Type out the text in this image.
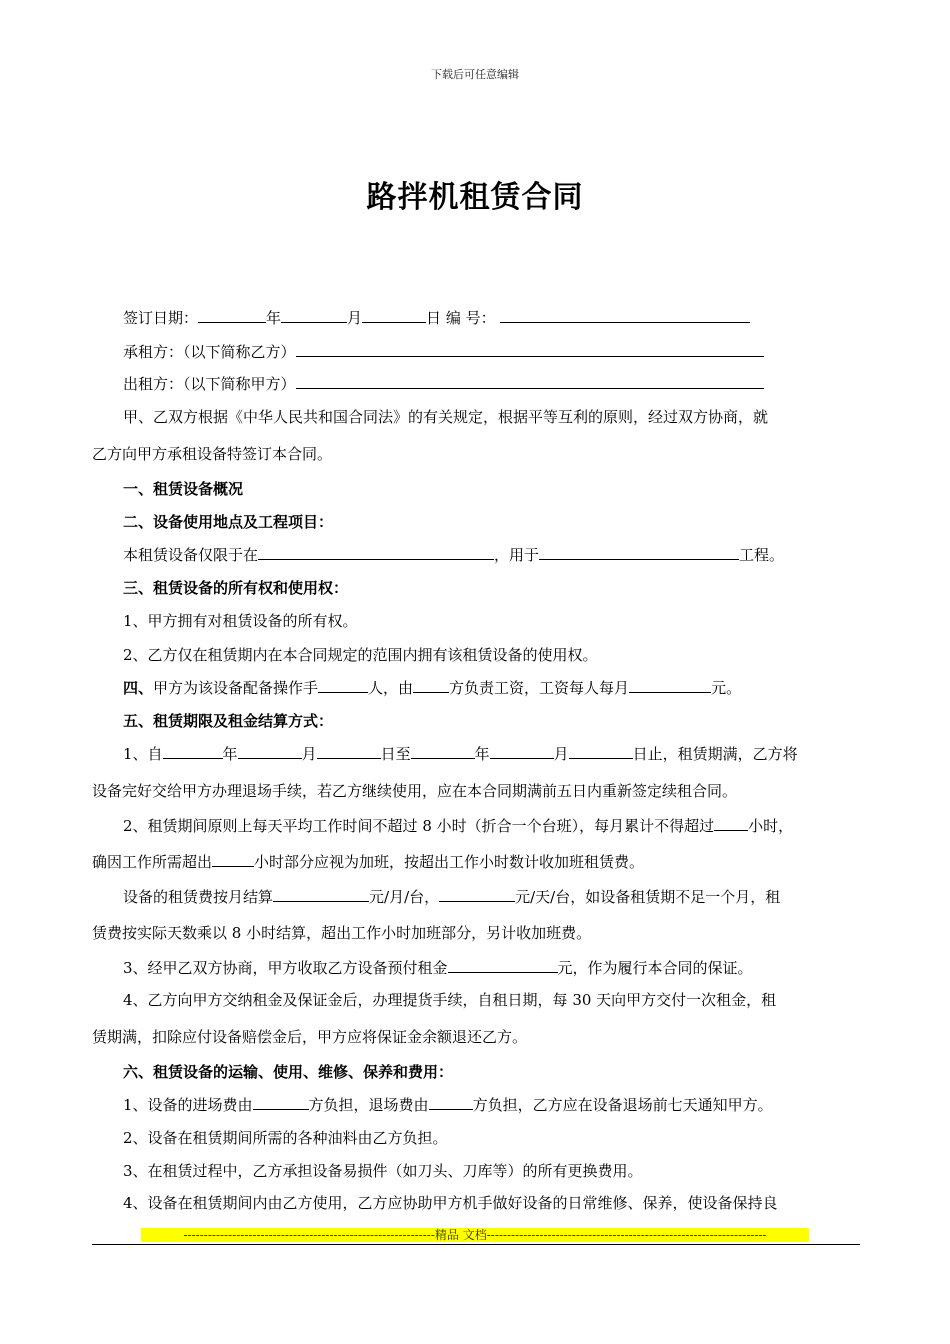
下载后可任意编辑
路拌机租赁合同
签订日期：	年	月	日 编 号：
承租方：（以下简称乙方）
出租方：（以下简称甲方）
甲、乙双方根据《中华人民共和国合同法》的有关规定，根据平等互利的原则，经过双方协商，就
乙方向甲方承租设备特签订本合同。
一、租赁设备概况
二、设备使用地点及工程项目：
本租赁设备仅限于在	，用于	工程。
三、租赁设备的所有权和使用权：
1、甲方拥有对租赁设备的所有权。
2、乙方仅在租赁期内在本合同规定的范围内拥有该租赁设备的使用权。
四、甲方为该设备配备操作手	人，由 方负责工资，工资每人每月	元。
五、租赁期限及租金结算方式：
1、自	年	月	日至	年	月	日止，租赁期满，乙方将
设备完好交给甲方办理退场手续，若乙方继续使用，应在本合同期满前五日内重新签定续租合同。
2、租赁期间原则上每天平均工作时间不超过 8 小时（折合一个台班），每月累计不得超过 小时，
确因工作所需超出	小时部分应视为加班，按超出工作小时数计收加班租赁费。
设备的租赁费按月结算	元/月/台，	元/天/台，如设备租赁期不足一个月，租
赁费按实际天数乘以 8 小时结算，超出工作小时加班部分，另计收加班费。
3、经甲乙双方协商，甲方收取乙方设备预付租金	元，作为履行本合同的保证。
4、乙方向甲方交纳租金及保证金后，办理提货手续，自租日期，每 30 天向甲方交付一次租金，租
赁期满，扣除应付设备赔偿金后，甲方应将保证金余额退还乙方。
六、租赁设备的运输、使用、维修、保养和费用：
1、设备的进场费由	方负担，退场费由	方负担，乙方应在设备退场前七天通知甲方。
2、设备在租赁期间所需的各种油料由乙方负担。
3、在租赁过程中，乙方承担设备易损件（如刀头、刀库等）的所有更换费用。
4、设备在租赁期间内由乙方使用，乙方应协助甲方机手做好设备的日常维修、保养，使设备保持良
--------------------------------------------------------------精品 文档---------------------------------------------------------------------
